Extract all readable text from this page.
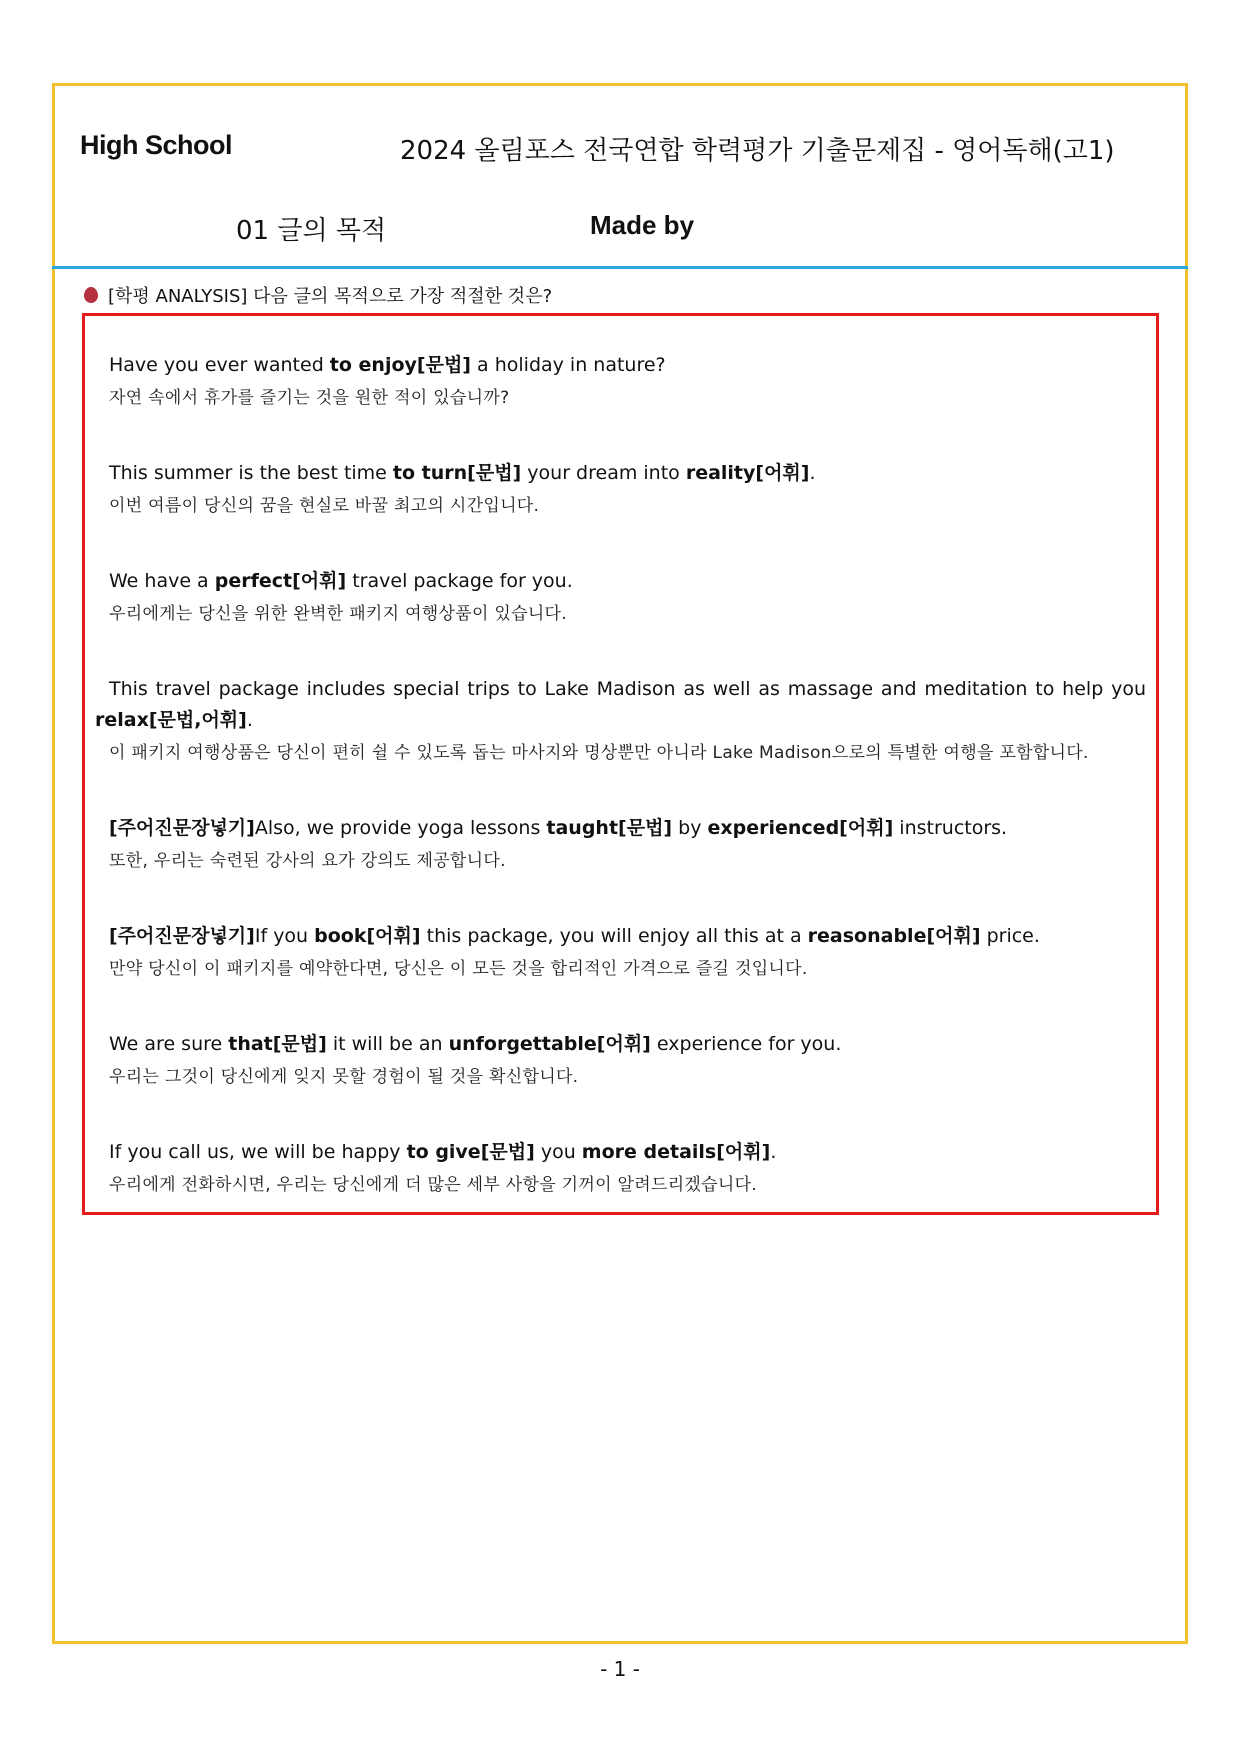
High School	2024 올림포스 전국연합 학력평가 기출문제집 - 영어독해(고1)
01 글의 목적	Made by
[학평 ANALYSIS] 다음 글의 목적으로 가장 적절한 것은?
Have you ever wanted to enjoy[문법] a holiday in nature?
자연 속에서 휴가를 즐기는 것을 원한 적이 있습니까?
This summer is the best time to turn[문법] your dream into reality[어휘].
이번 여름이 당신의 꿈을 현실로 바꿀 최고의 시간입니다.
We have a perfect[어휘] travel package for you.
우리에게는 당신을 위한 완벽한 패키지 여행상품이 있습니다.
This travel package includes special trips to Lake Madison as well as massage and meditation to help you relax[문법,어휘].
이 패키지 여행상품은 당신이 편히 쉴 수 있도록 돕는 마사지와 명상뿐만 아니라 Lake Madison으로의 특별한 여행을 포함합니다.
[주어진문장넣기]Also, we provide yoga lessons taught[문법] by experienced[어휘] instructors.
또한, 우리는 숙련된 강사의 요가 강의도 제공합니다.
[주어진문장넣기]If you book[어휘] this package, you will enjoy all this at a reasonable[어휘] price.
만약 당신이 이 패키지를 예약한다면, 당신은 이 모든 것을 합리적인 가격으로 즐길 것입니다.
We are sure that[문법] it will be an unforgettable[어휘] experience for you.
우리는 그것이 당신에게 잊지 못할 경험이 될 것을 확신합니다.
If you call us, we will be happy to give[문법] you more details[어휘].
우리에게 전화하시면, 우리는 당신에게 더 많은 세부 사항을 기꺼이 알려드리겠습니다.
- 1 -
